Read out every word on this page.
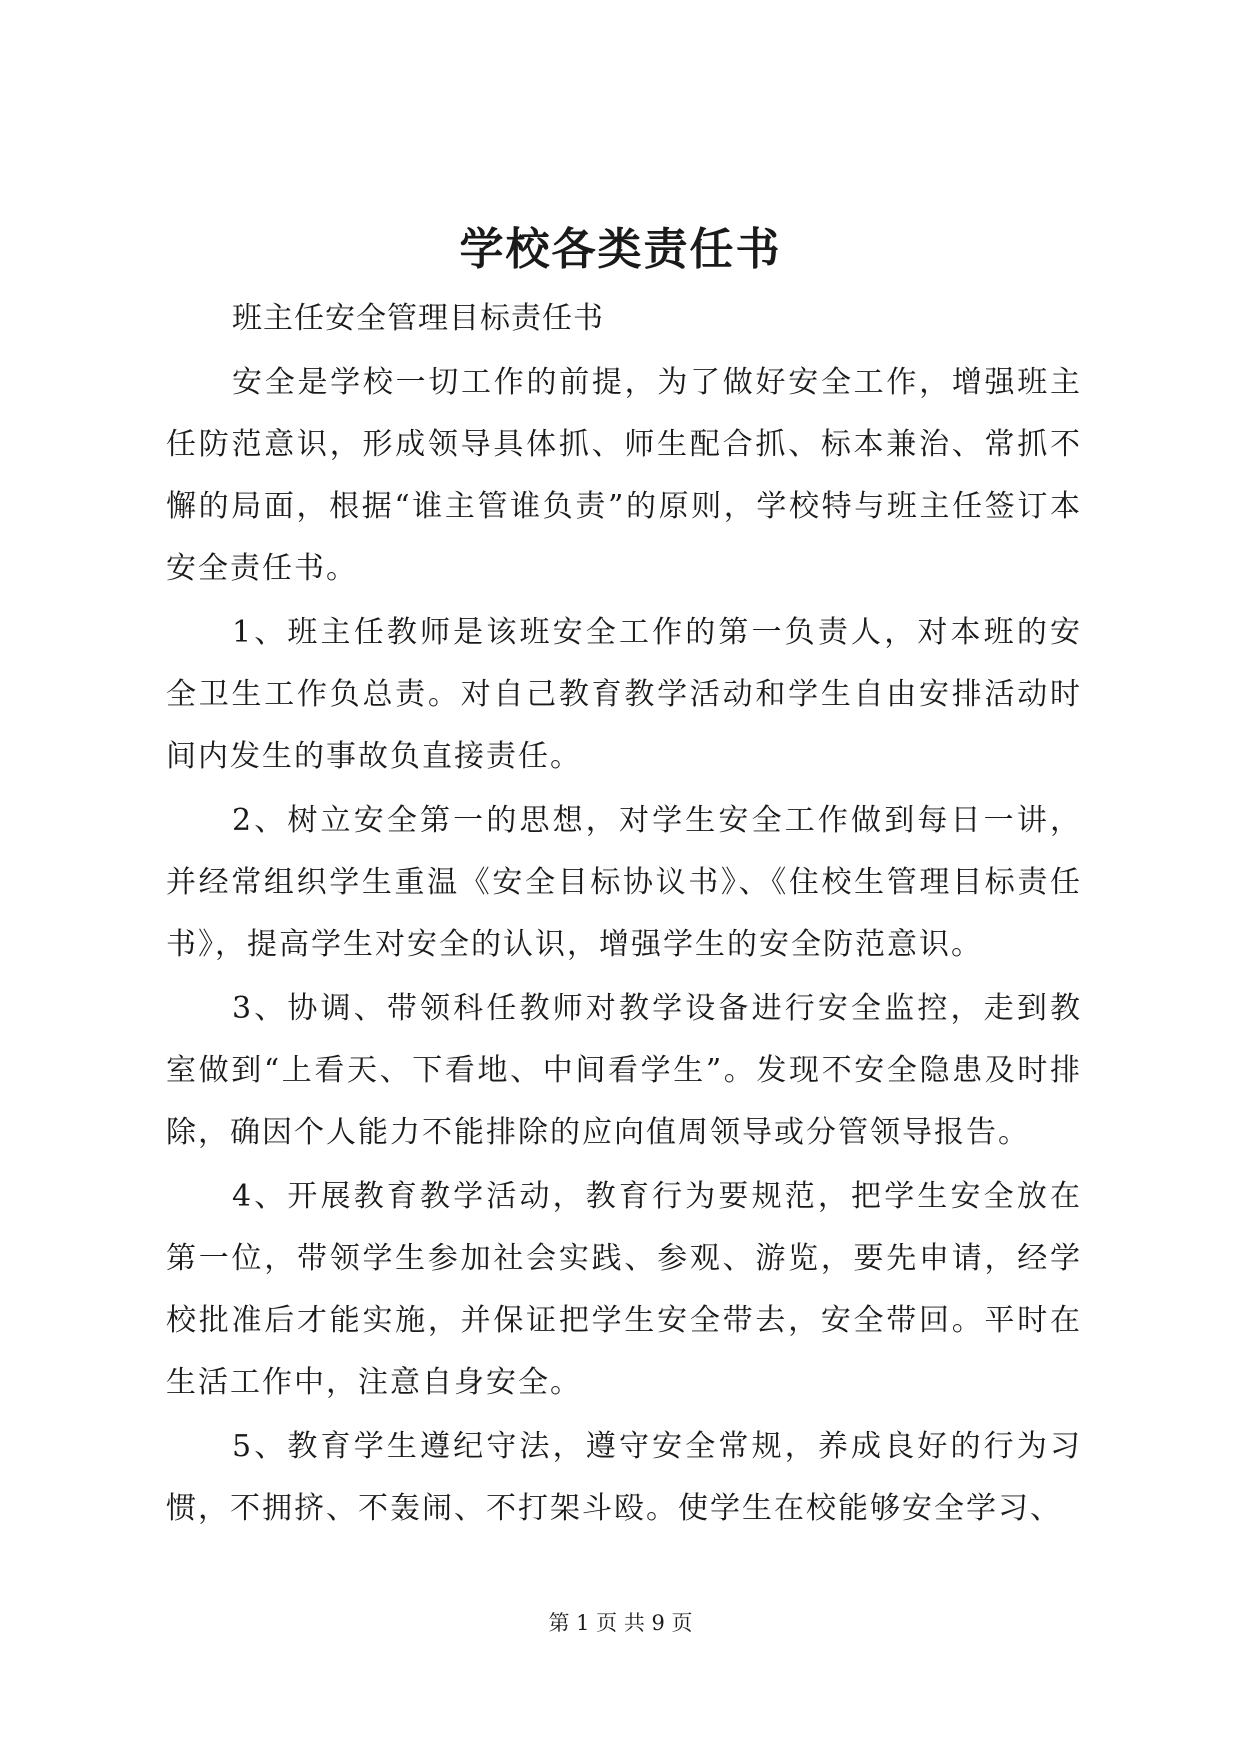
学校各类责任书

班主任安全管理目标责任书

安全是学校一切工作的前提，为了做好安全工作，增强班主任防范意识，形成领导具体抓、师生配合抓、标本兼治、常抓不懈的局面，根据“谁主管谁负责”的原则，学校特与班主任签订本安全责任书。

1、班主任教师是该班安全工作的第一负责人，对本班的安全卫生工作负总责。对自己教育教学活动和学生自由安排活动时间内发生的事故负直接责任。

2、树立安全第一的思想，对学生安全工作做到每日一讲，并经常组织学生重温《安全目标协议书》、《住校生管理目标责任书》，提高学生对安全的认识，增强学生的安全防范意识。

3、协调、带领科任教师对教学设备进行安全监控，走到教室做到“上看天、下看地、中间看学生”。发现不安全隐患及时排除，确因个人能力不能排除的应向值周领导或分管领导报告。

4、开展教育教学活动，教育行为要规范，把学生安全放在第一位，带领学生参加社会实践、参观、游览，要先申请，经学校批准后才能实施，并保证把学生安全带去，安全带回。平时在生活工作中，注意自身安全。

5、教育学生遵纪守法，遵守安全常规，养成良好的行为习惯，不拥挤、不轰闹、不打架斗殴。使学生在校能够安全学习、

第 1 页 共 9 页
